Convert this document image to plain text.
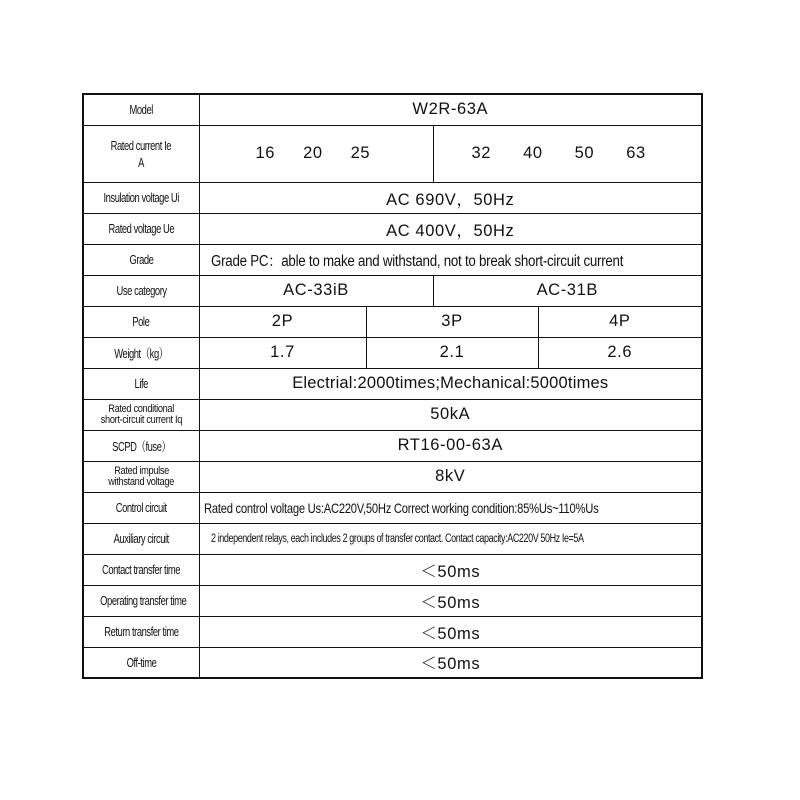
Model	W2R-63A			
Rated current Ie
A	16 20 25		32 40 50 63	
Insulation voltage Ui	AC 690V，50Hz			
Rated voltage Ue	AC 400V，50Hz			
Grade	Grade PC：able to make and withstand, not to break short-circuit current			
Use category	AC-33iB		AC-31B	
Pole	2P	3P		4P
Weight（kg）	1.7	2.1		2.6
Life	Electrial:2000times;Mechanical:5000times			
Rated conditional
short-circuit current Iq	50kA			
SCPD（fuse）	RT16-00-63A			
Rated impulse
withstand voltage	8kV			
Control circuit	Rated control voltage Us:AC220V,50Hz Correct working condition:85%Us~110%Us			
Auxiliary circuit	2 independent relays, each includes 2 groups of transfer contact. Contact capacity:AC220V 50Hz Ie=5A			
Contact transfer time	＜50ms			
Operating transfer time	＜50ms			
Return transfer time	＜50ms			
Off-time	＜50ms			
